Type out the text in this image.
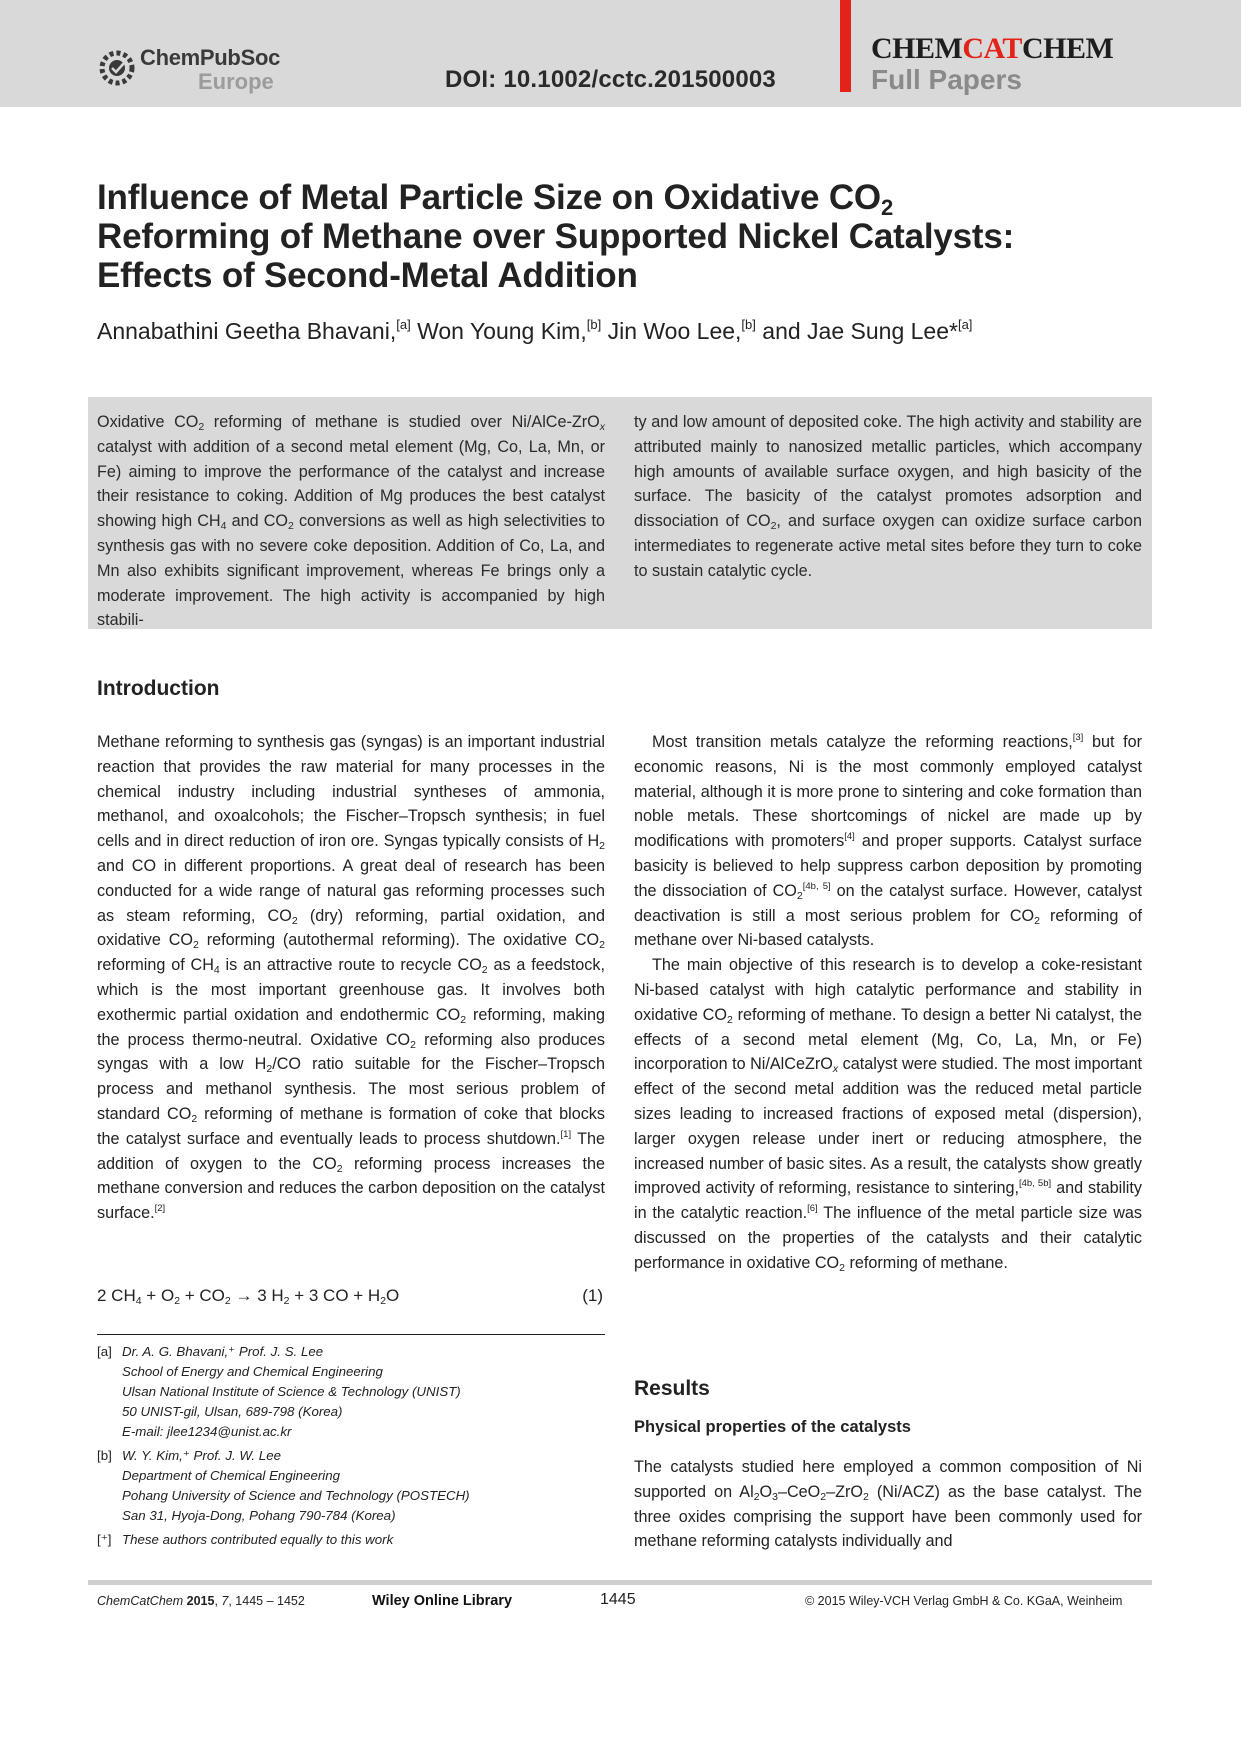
ChemPubSoc
Europe	DOI: 10.1002/cctc.201500003
CHEMCATCHEM
Full Papers
Influence of Metal Particle Size on Oxidative $CO_2$
Reforming of Methane over Supported Nickel Catalysts:
Effects of Second-Metal Addition
Annabathini Geetha Bhavani,[a] Won Young Kim,[b] Jin Woo Lee,[b] and Jae Sung Lee*[a]
Oxidative $CO_2$ reforming of methane is studied over Ni/AlCe-ZrO$_x$ catalyst with addition of a second metal element (Mg, Co, La, Mn, or Fe) aiming to improve the performance of the catalyst and increase their resistance to coking. Addition of Mg produces the best catalyst showing high $CH_4$ and $CO_2$ conversions as well as high selectivities to synthesis gas with no severe coke deposition. Addition of Co, La, and Mn also exhibits significant improvement, whereas Fe brings only a moderate improvement. The high activity is accompanied by high stabili-
ty and low amount of deposited coke. The high activity and stability are attributed mainly to nanosized metallic particles, which accompany high amounts of available surface oxygen, and high basicity of the surface. The basicity of the catalyst promotes adsorption and dissociation of $CO_2$, and surface oxygen can oxidize surface carbon intermediates to regenerate active metal sites before they turn to coke to sustain catalytic cycle.
Introduction
Methane reforming to synthesis gas (syngas) is an important industrial reaction that provides the raw material for many processes in the chemical industry including industrial syntheses of ammonia, methanol, and oxoalcohols; the Fischer–Tropsch synthesis; in fuel cells and in direct reduction of iron ore. Syngas typically consists of $H_2$ and CO in different proportions. A great deal of research has been conducted for a wide range of natural gas reforming processes such as steam reforming, $CO_2$ (dry) reforming, partial oxidation, and oxidative $CO_2$ reforming (autothermal reforming). The oxidative $CO_2$ reforming of $CH_4$ is an attractive route to recycle $CO_2$ as a feedstock, which is the most important greenhouse gas. It involves both exothermic partial oxidation and endothermic $CO_2$ reforming, making the process thermo-neutral. Oxidative $CO_2$ reforming also produces syngas with a low $H_2/CO$ ratio suitable for the Fischer–Tropsch process and methanol synthesis. The most serious problem of standard $CO_2$ reforming of methane is formation of coke that blocks the catalyst surface and eventually leads to process shutdown.[1] The addition of oxygen to the $CO_2$ reforming process increases the methane conversion and reduces the carbon deposition on the catalyst surface.[2]

Most transition metals catalyze the reforming reactions,[3] but for economic reasons, Ni is the most commonly employed catalyst material, although it is more prone to sintering and coke formation than noble metals. These shortcomings of nickel are made up by modifications with promoters[4] and proper supports. Catalyst surface basicity is believed to help suppress carbon deposition by promoting the dissociation of $CO_2[4b, 5]$ on the catalyst surface. However, catalyst deactivation is still a most serious problem for $CO_2$ reforming of methane over Ni-based catalysts.

The main objective of this research is to develop a coke-resistant Ni-based catalyst with high catalytic performance and stability in oxidative $CO_2$ reforming of methane. To design a better Ni catalyst, the effects of a second metal element (Mg, Co, La, Mn, or Fe) incorporation to Ni/AlCeZrO$_x$ catalyst were studied. The most important effect of the second metal addition was the reduced metal particle sizes leading to increased fractions of exposed metal (dispersion), larger oxygen release under inert or reducing atmosphere, the increased number of basic sites. As a result, the catalysts show greatly improved activity of reforming, resistance to sintering,[4b, 5b] and stability in the catalytic reaction.[6] The influence of the metal particle size was discussed on the properties of the catalysts and their catalytic performance in oxidative $CO_2$ reforming of methane.

2 $CH_4 + O_2 + CO_2 \to 3$ $H_2 + 3$ CO + $H_2O$	(1)
[a] Dr. A. G. Bhavani,⁺ Prof. J. S. Lee
School of Energy and Chemical Engineering
Ulsan National Institute of Science & Technology (UNIST)
50 UNIST-gil, Ulsan, 689-798 (Korea)
E-mail: jlee1234@unist.ac.kr
[b] W. Y. Kim,⁺ Prof. J. W. Lee
Department of Chemical Engineering
Pohang University of Science and Technology (POSTECH)
San 31, Hyoja-Dong, Pohang 790-784 (Korea)
[⁺] These authors contributed equally to this work
Results
Physical properties of the catalysts
The catalysts studied here employed a common composition of Ni supported on $Al_2O_3-CeO_2-ZrO_2$ (Ni/ACZ) as the base catalyst. The three oxides comprising the support have been commonly used for methane reforming catalysts individually and
ChemCatChem 2015, 7, 1445 – 1452	Wiley Online Library	1445	© 2015 Wiley-VCH Verlag GmbH & Co. KGaA, Weinheim
